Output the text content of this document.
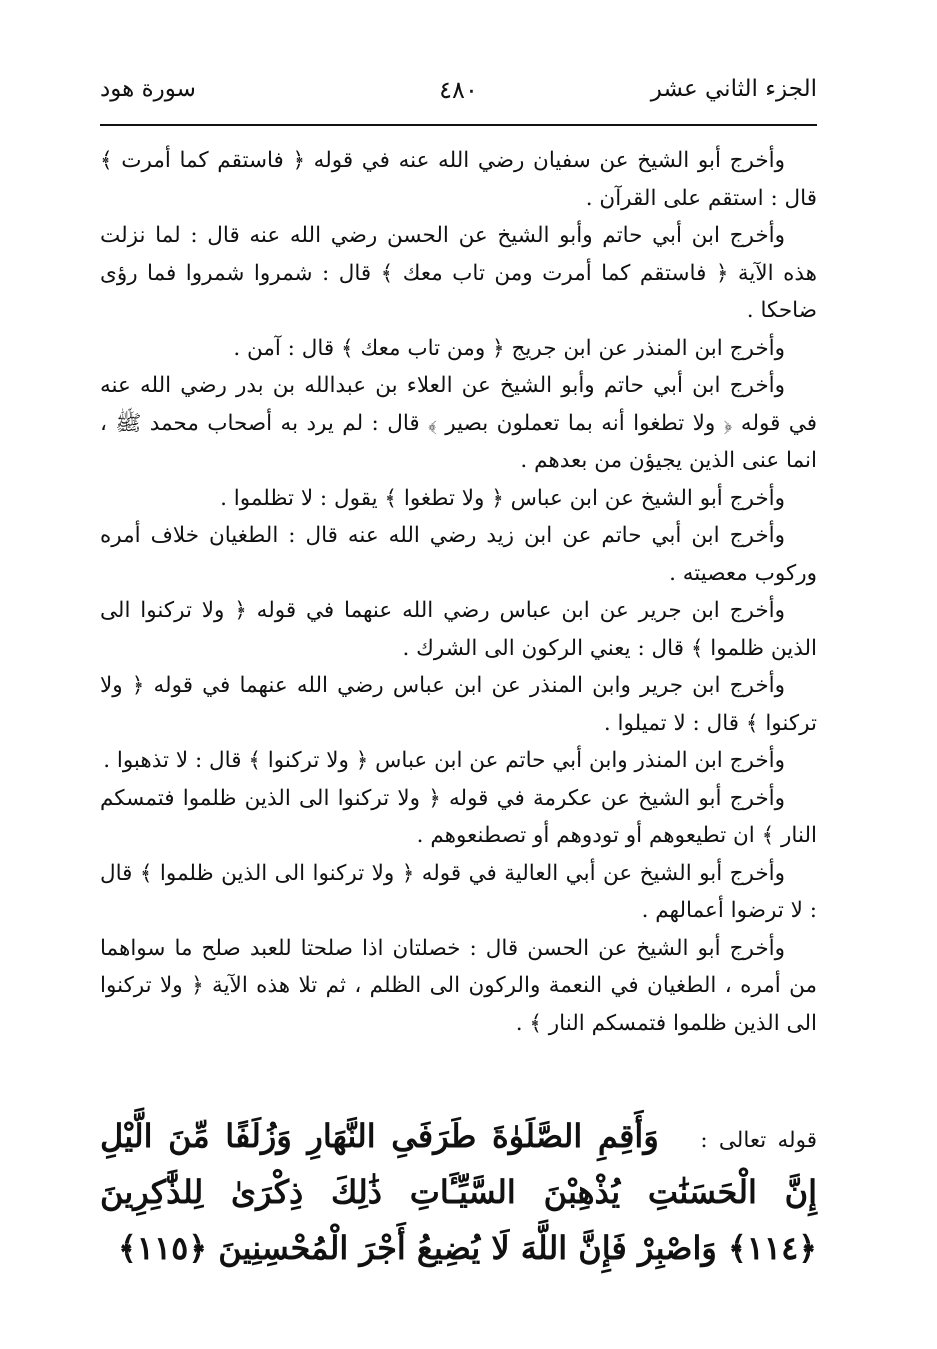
الجزء الثاني عشر
٤٨٠
سورة هود

وأخرج أبو الشيخ عن سفيان رضي الله عنه في قوله ﴿ فاستقم كما أمرت ﴾ قال : استقم على القرآن .

وأخرج ابن أبي حاتم وأبو الشيخ عن الحسن رضي الله عنه قال : لما نزلت هذه الآية ﴿ فاستقم كما أمرت ومن تاب معك ﴾ قال : شمروا شمروا فما رؤى ضاحكا .

وأخرج ابن المنذر عن ابن جريج ﴿ ومن تاب معك ﴾ قال : آمن .

وأخرج ابن أبي حاتم وأبو الشيخ عن العلاء بن عبدالله بن بدر رضي الله عنه في قوله ﴿ ولا تطغوا أنه بما تعملون بصير ﴾ قال : لم يرد به أصحاب محمد ﷺ ، انما عنى الذين يجيؤن من بعدهم .

وأخرج أبو الشيخ عن ابن عباس ﴿ ولا تطغوا ﴾ يقول : لا تظلموا .

وأخرج ابن أبي حاتم عن ابن زيد رضي الله عنه قال : الطغيان خلاف أمره وركوب معصيته .

وأخرج ابن جرير عن ابن عباس رضي الله عنهما في قوله ﴿ ولا تركنوا الى الذين ظلموا ﴾ قال : يعني الركون الى الشرك .

وأخرج ابن جرير وابن المنذر عن ابن عباس رضي الله عنهما في قوله ﴿ ولا تركنوا ﴾ قال : لا تميلوا .

وأخرج ابن المنذر وابن أبي حاتم عن ابن عباس ﴿ ولا تركنوا ﴾ قال : لا تذهبوا .

وأخرج أبو الشيخ عن عكرمة في قوله ﴿ ولا تركنوا الى الذين ظلموا فتمسكم النار ﴾ ان تطيعوهم أو تودوهم أو تصطنعوهم .

وأخرج أبو الشيخ عن أبي العالية في قوله ﴿ ولا تركنوا الى الذين ظلموا ﴾ قال : لا ترضوا أعمالهم .

وأخرج أبو الشيخ عن الحسن قال : خصلتان اذا صلحتا للعبد صلح ما سواهما من أمره ، الطغيان في النعمة والركون الى الظلم ، ثم تلا هذه الآية ﴿ ولا تركنوا الى الذين ظلموا فتمسكم النار ﴾ .

قوله تعالى : وَأَقِمِ الصَّلَوٰةَ طَرَفَىِ النَّهَارِ وَزُلَفًا مِّنَ الَّيْلِ إِنَّ الْحَسَنَٰتِ يُذْهِبْنَ السَّيِّـَٔاتِ ذَٰلِكَ ذِكْرَىٰ لِلذَّٰكِرِينَ ﴿١١٤﴾ وَاصْبِرْ فَإِنَّ اللَّهَ لَا يُضِيعُ أَجْرَ الْمُحْسِنِينَ ﴿١١٥﴾
